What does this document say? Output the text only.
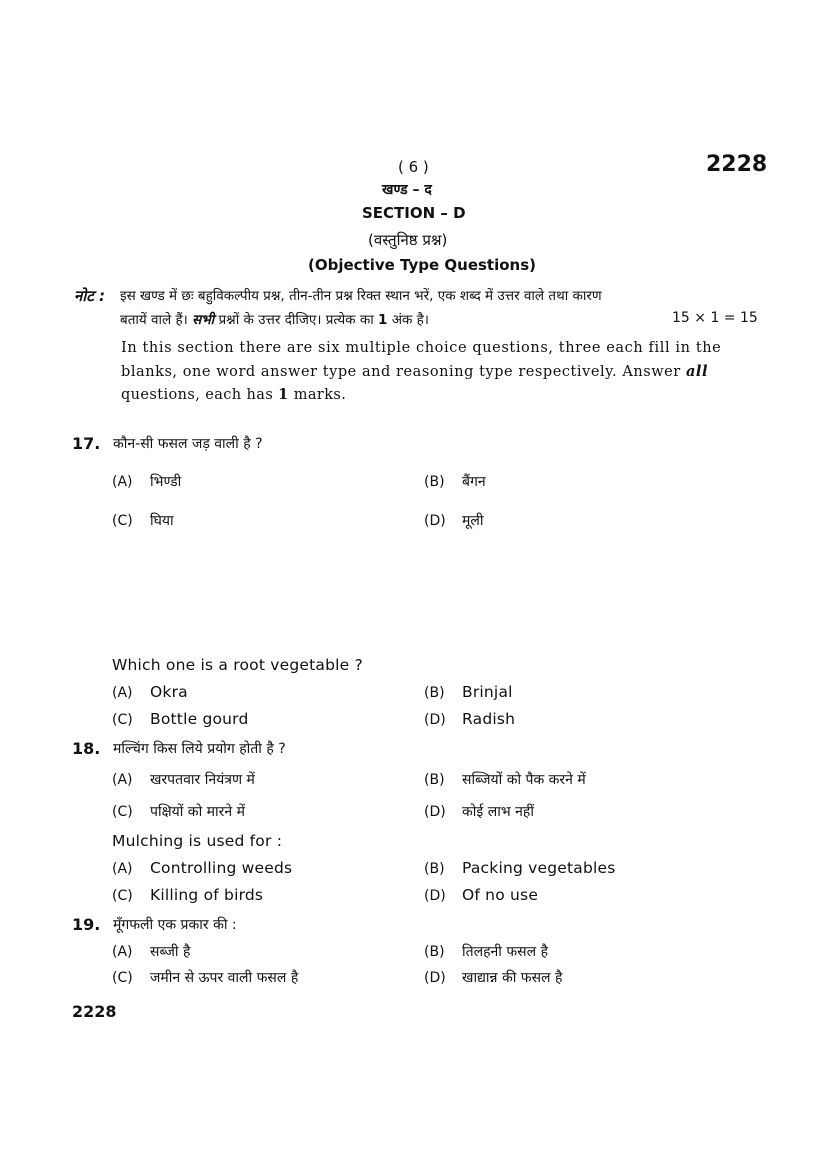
( 6 )	2228
खण्ड – द
SECTION – D
(वस्तुनिष्ठ प्रश्न)
(Objective Type Questions)
नोट : इस खण्ड में छः बहुविकल्पीय प्रश्न, तीन-तीन प्रश्न रिक्त स्थान भरें, एक शब्द में उत्तर वाले तथा कारण
बतायें वाले हैं। सभी प्रश्नों के उत्तर दीजिए। प्रत्येक का 1 अंक है।	15 × 1 = 15
In this section there are six multiple choice questions, three each fill in the
blanks, one word answer type and reasoning type respectively. Answer all
questions, each has 1 marks.
17. कौन-सी फसल जड़ वाली है ?
(A) भिण्डी	(B) बैंगन
(C) घिया	(D) मूली
Which one is a root vegetable ?
(A) Okra	(B) Brinjal
(C) Bottle gourd	(D) Radish
18. मल्चिंग किस लिये प्रयोग होती है ?
(A) खरपतवार नियंत्रण में	(B) सब्जियों को पैक करने में
(C) पक्षियों को मारने में	(D) कोई लाभ नहीं
Mulching is used for :
(A) Controlling weeds	(B) Packing vegetables
(C) Killing of birds	(D) Of no use
19. मूँगफली एक प्रकार की :
(A) सब्जी है	(B) तिलहनी फसल है
(C) जमीन से ऊपर वाली फसल है	(D) खाद्यान्न की फसल है
2228
